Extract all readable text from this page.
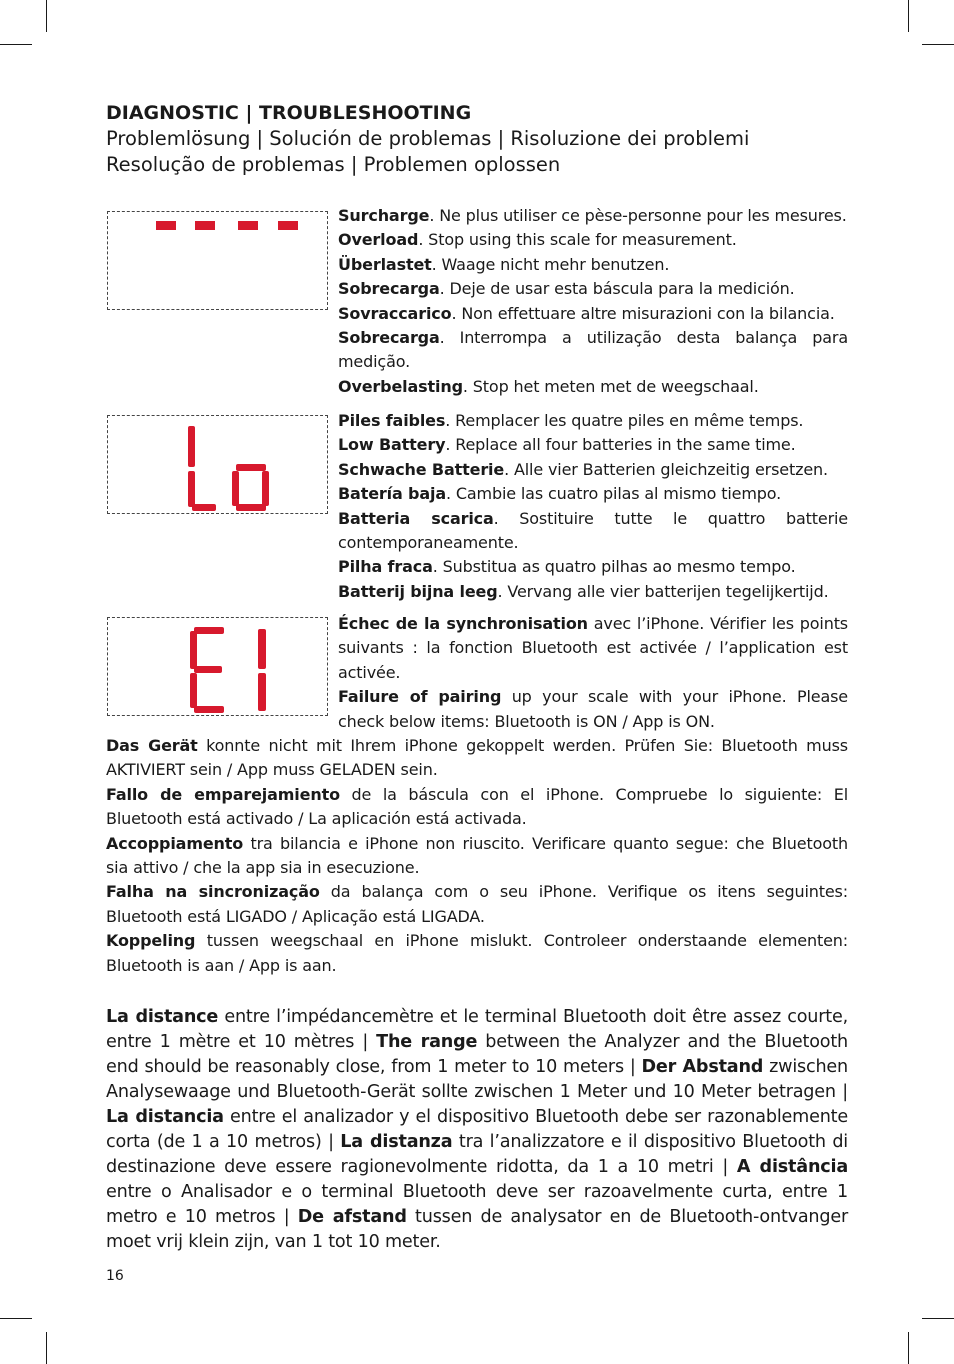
DIAGNOSTIC | TROUBLESHOOTING
Problemlösung | Solución de problemas | Risoluzione dei problemi
Resolução de problemas | Problemen oplossen

Surcharge. Ne plus utiliser ce pèse-personne pour les mesures.

Overload. Stop using this scale for measurement.

Überlastet. Waage nicht mehr benutzen.

Sobrecarga. Deje de usar esta báscula para la medición.

Sovraccarico. Non effettuare altre misurazioni con la bilancia.

Sobrecarga. Interrompa a utilização desta balança para medição.

Overbelasting. Stop het meten met de weegschaal.

Piles faibles. Remplacer les quatre piles en même temps.

Low Battery. Replace all four batteries in the same time.

Schwache Batterie. Alle vier Batterien gleichzeitig ersetzen.

Batería baja. Cambie las cuatro pilas al mismo tiempo.

Batteria scarica. Sostituire tutte le quattro batterie contemporaneamente.

Pilha fraca. Substitua as quatro pilhas ao mesmo tempo.

Batterij bijna leeg. Vervang alle vier batterijen tegelijkertijd.

Échec de la synchronisation avec l’iPhone. Vérifier les points suivants : la fonction Bluetooth est activée / l’application est activée.

Failure of pairing up your scale with your iPhone. Please check below items: Bluetooth is ON / App is ON.

Das Gerät konnte nicht mit Ihrem iPhone gekoppelt werden. Prüfen Sie: Bluetooth muss AKTIVIERT sein / App muss GELADEN sein.

Fallo de emparejamiento de la báscula con el iPhone. Compruebe lo siguiente: El Bluetooth está activado / La aplicación está activada.

Accoppiamento tra bilancia e iPhone non riuscito. Verificare quanto segue: che Bluetooth sia attivo / che la app sia in esecuzione.

Falha na sincronização da balança com o seu iPhone. Verifique os itens seguintes: Bluetooth está LIGADO / Aplicação está LIGADA.

Koppeling tussen weegschaal en iPhone mislukt. Controleer onderstaande elementen: Bluetooth is aan / App is aan.

La distance entre l’impédancemètre et le terminal Bluetooth doit être assez courte, entre 1 mètre et 10 mètres | The range between the Analyzer and the Bluetooth end should be reasonably close, from 1 meter to 10 meters | Der Abstand zwischen Analysewaage und Bluetooth-Gerät sollte zwischen 1 Meter und 10 Meter betragen | La distancia entre el analizador y el dispositivo Bluetooth debe ser razonablemente corta (de 1 a 10 metros) | La distanza tra l’analizzatore e il dispositivo Bluetooth di destinazione deve essere ragionevolmente ridotta, da 1 a 10 metri | A distância entre o Analisador e o terminal Bluetooth deve ser razoavelmente curta, entre 1 metro e 10 metros | De afstand tussen de analysator en de Bluetooth-ontvanger moet vrij klein zijn, van 1 tot 10 meter.
16
